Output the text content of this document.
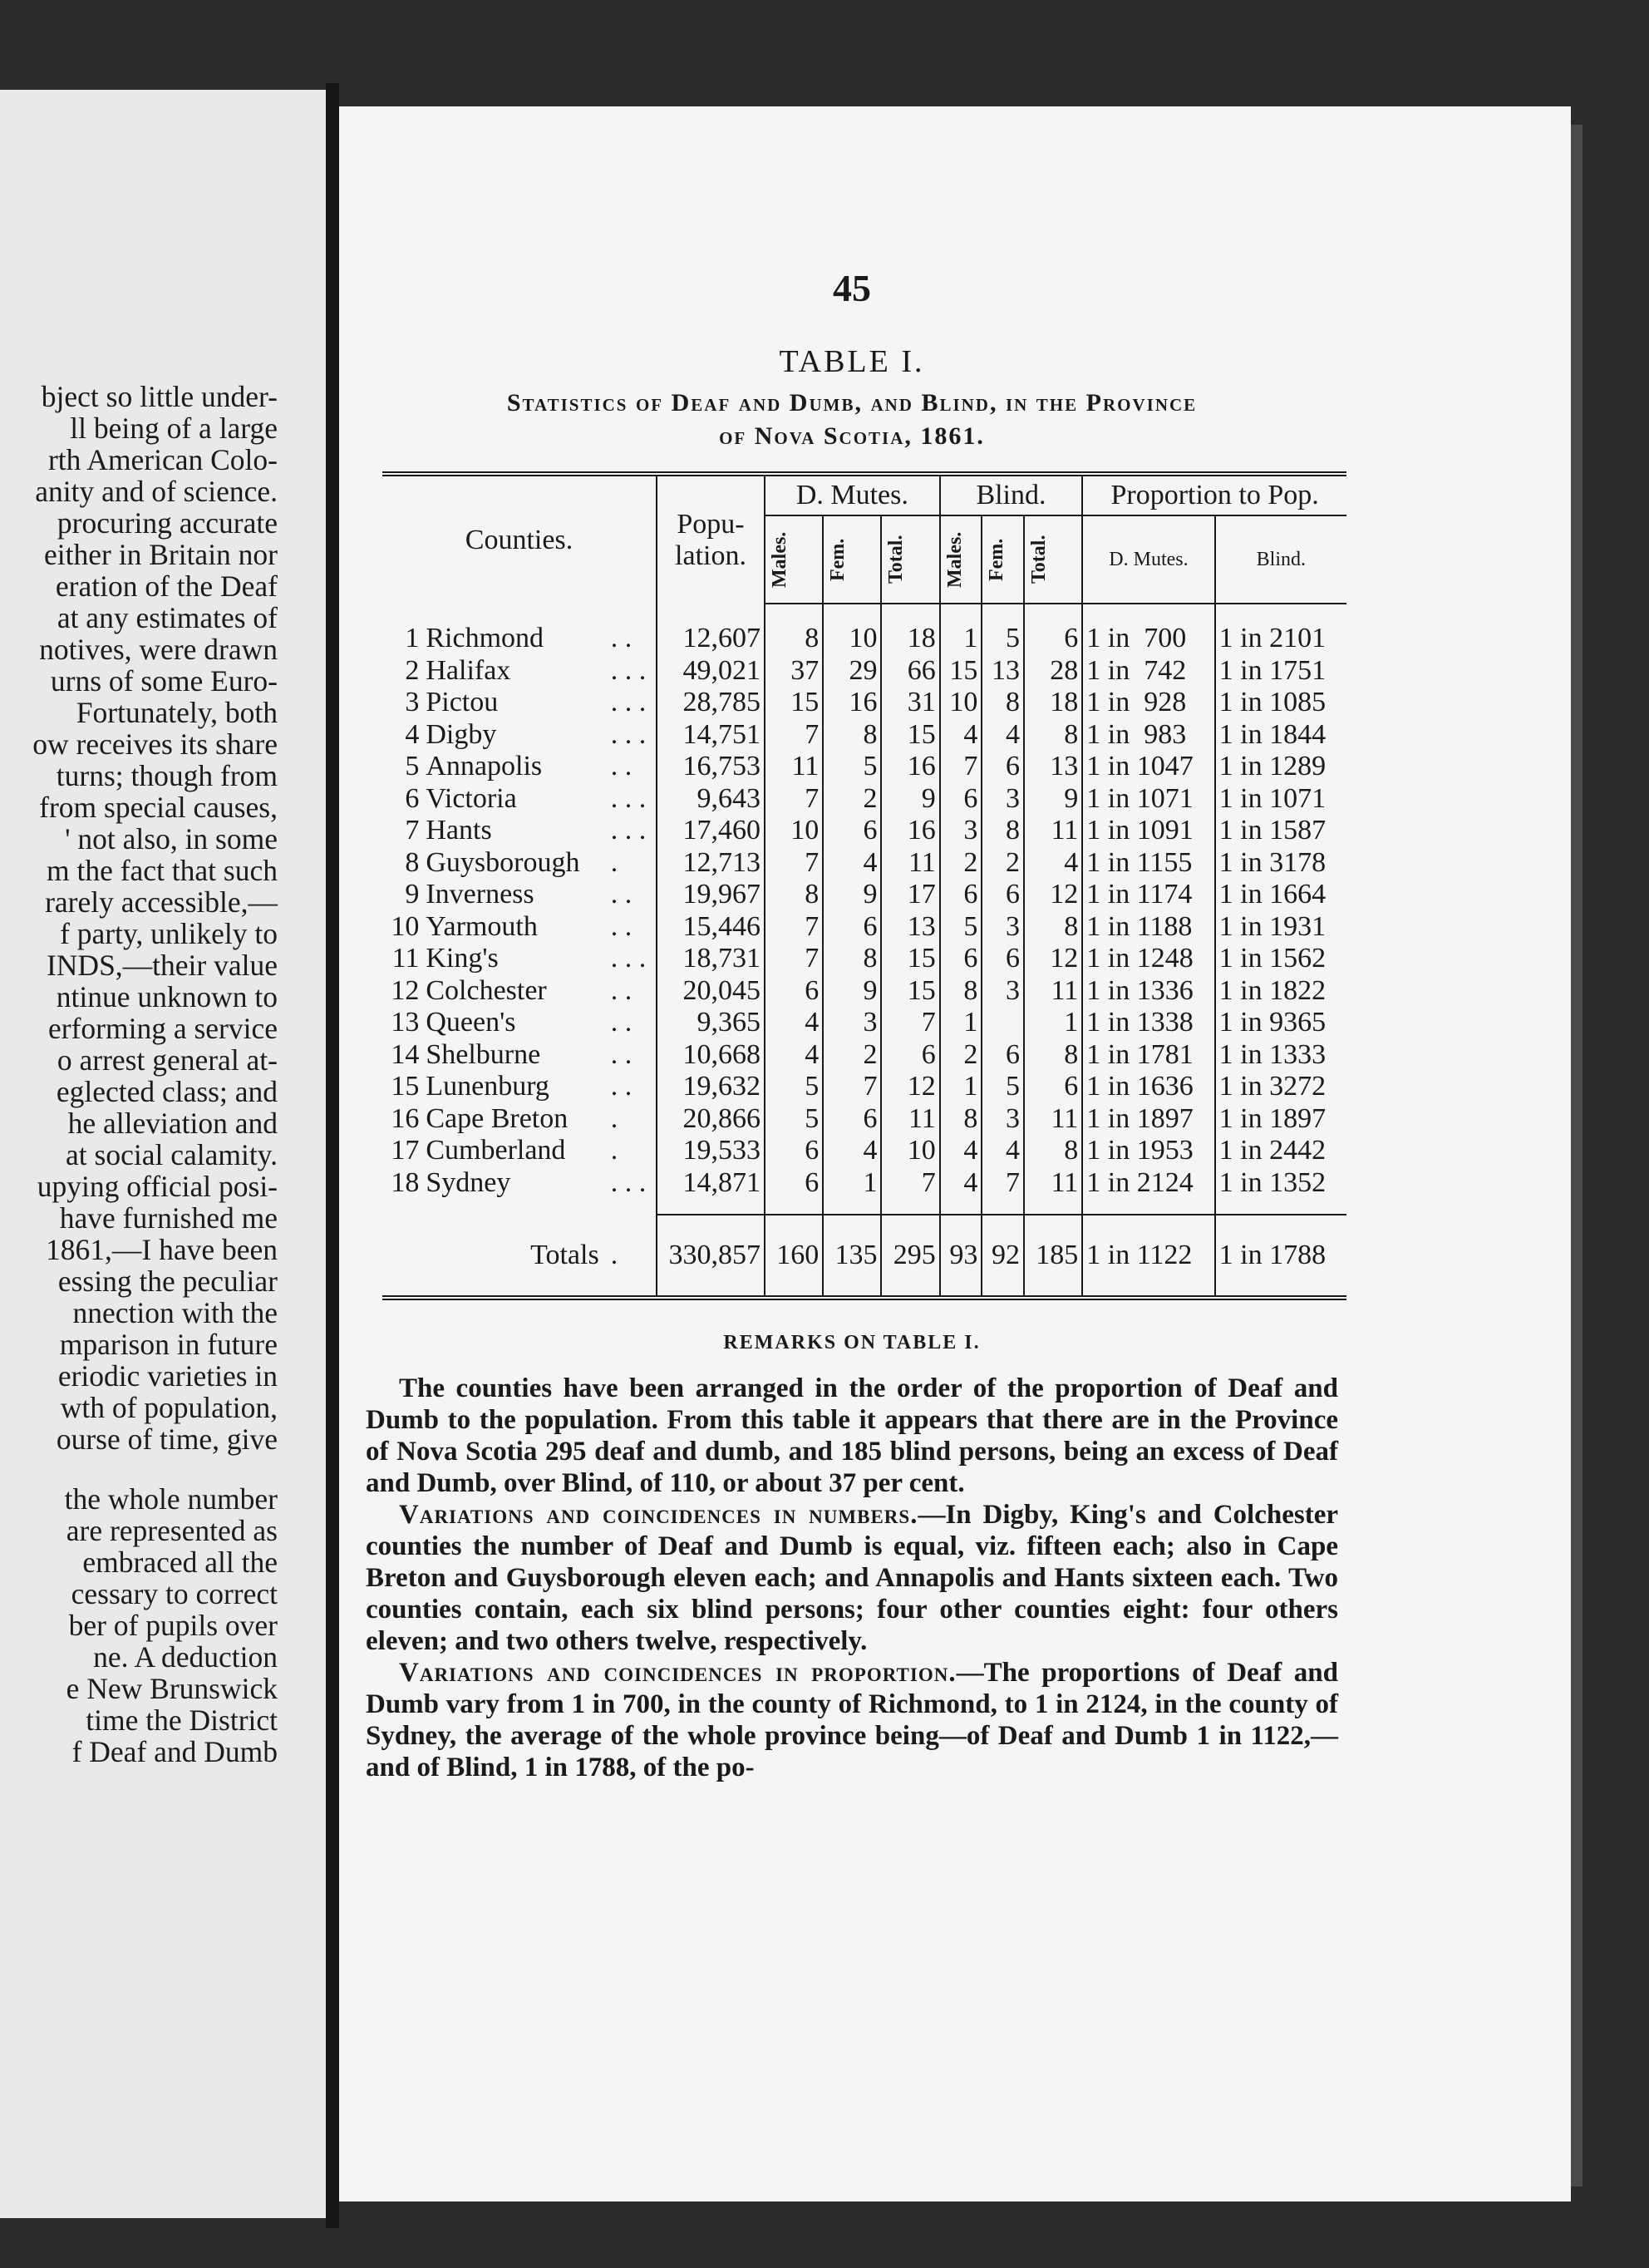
bject so little under-
ll being of a large
rth American Colo-
anity and of science.
procuring accurate
either in Britain nor
eration of the Deaf
at any estimates of
notives, were drawn
urns of some Euro-
Fortunately, both
ow receives its share
turns; though from
from special causes,
' not also, in some
m the fact that such
rarely accessible,—
f party, unlikely to
INDS,—their value
ntinue unknown to
erforming a service
o arrest general at-
eglected class; and
he alleviation and
at social calamity.
upying official posi-
have furnished me
1861,—I have been
essing the peculiar
nnection with the
mparison in future
eriodic varieties in
wth of population,
ourse of time, give
the whole number
are represented as
embraced all the
cessary to correct
ber of pupils over
ne. A deduction
e New Brunswick
time the District
f Deaf and Dumb
45
TABLE I.
Statistics of Deaf and Dumb, and Blind, in the Province
of Nova Scotia, 1861.
Counties.			Popu-lation.	D. Mutes.			Blind.			Proportion to Pop.	

				Males.	Fem.	Total.	Males.	Fem.	Total.	D. Mutes.	Blind.
1	Richmond	. .	12,607	8	10	18	1	5	6	1 in  700	1 in 2101
2	Halifax	. . .	49,021	37	29	66	15	13	28	1 in  742	1 in 1751
3	Pictou	. . .	28,785	15	16	31	10	8	18	1 in  928	1 in 1085
4	Digby	. . .	14,751	7	8	15	4	4	8	1 in  983	1 in 1844
5	Annapolis	. .	16,753	11	5	16	7	6	13	1 in 1047	1 in 1289
6	Victoria	. . .	9,643	7	2	9	6	3	9	1 in 1071	1 in 1071
7	Hants	. . .	17,460	10	6	16	3	8	11	1 in 1091	1 in 1587
8	Guysborough	.	12,713	7	4	11	2	2	4	1 in 1155	1 in 3178
9	Inverness	. .	19,967	8	9	17	6	6	12	1 in 1174	1 in 1664
10	Yarmouth	. .	15,446	7	6	13	5	3	8	1 in 1188	1 in 1931
11	King's	. . .	18,731	7	8	15	6	6	12	1 in 1248	1 in 1562
12	Colchester	. .	20,045	6	9	15	8	3	11	1 in 1336	1 in 1822
13	Queen's	. .	9,365	4	3	7	1		1	1 in 1338	1 in 9365
14	Shelburne	. .	10,668	4	2	6	2	6	8	1 in 1781	1 in 1333
15	Lunenburg	. .	19,632	5	7	12	1	5	6	1 in 1636	1 in 3272
16	Cape Breton	.	20,866	5	6	11	8	3	11	1 in 1897	1 in 1897
17	Cumberland	.	19,533	6	4	10	4	4	8	1 in 1953	1 in 2442
18	Sydney	. . .	14,871	6	1	7	4	7	11	1 in 2124	1 in 1352

Totals		.	330,857	160	135	295	93	92	185	1 in 1122	1 in 1788
REMARKS ON TABLE I.

The counties have been arranged in the order of the proportion of Deaf and Dumb to the population. From this table it appears that there are in the Province of Nova Scotia 295 deaf and dumb, and 185 blind persons, being an excess of Deaf and Dumb, over Blind, of 110, or about 37 per cent.

Variations and coincidences in numbers.—In Digby, King's and Colchester counties the number of Deaf and Dumb is equal, viz. fifteen each; also in Cape Breton and Guysborough eleven each; and Annapolis and Hants sixteen each. Two counties contain, each six blind persons; four other counties eight: four others eleven; and two others twelve, respectively.

Variations and coincidences in proportion.—The proportions of Deaf and Dumb vary from 1 in 700, in the county of Richmond, to 1 in 2124, in the county of Sydney, the average of the whole province being—of Deaf and Dumb 1 in 1122,—and of Blind, 1 in 1788, of the po-
